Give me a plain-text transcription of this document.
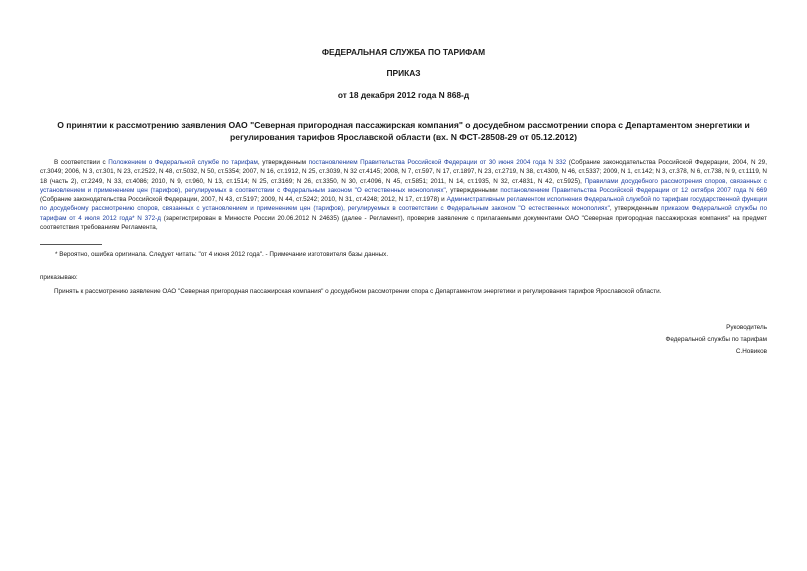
ФЕДЕРАЛЬНАЯ СЛУЖБА ПО ТАРИФАМ
ПРИКАЗ
от 18 декабря 2012 года N 868-д
О принятии к рассмотрению заявления ОАО "Северная пригородная пассажирская компания" о досудебном рассмотрении спора с Департаментом энергетики и регулирования тарифов Ярославской области (вх. N ФСТ-28508-29 от 05.12.2012)
В соответствии с Положением о Федеральной службе по тарифам, утвержденным постановлением Правительства Российской Федерации от 30 июня 2004 года N 332 (Собрание законодательства Российской Федерации, 2004, N 29, ст.3049; 2006, N 3, ст.301, N 23, ст.2522, N 48, ст.5032, N 50, ст.5354; 2007, N 16, ст.1912, N 25, ст.3039, N 32 ст.4145; 2008, N 7, ст.597, N 17, ст.1897, N 23, ст.2719, N 38, ст.4309, N 46, ст.5337; 2009, N 1, ст.142; N 3, ст.378, N 6, ст.738, N 9, ст.1119, N 18 (часть 2), ст.2249, N 33, ст.4086; 2010, N 9, ст.960, N 13, ст.1514; N 25, ст.3169; N 26, ст.3350, N 30, ст.4096, N 45, ст.5851; 2011, N 14, ст.1935, N 32, ст.4831, N 42, ст.5925), Правилами досудебного рассмотрения споров, связанных с установлением и применением цен (тарифов), регулируемых в соответствии с Федеральным законом "О естественных монополиях", утвержденными постановлением Правительства Российской Федерации от 12 октября 2007 года N 669 (Собрание законодательства Российской Федерации, 2007, N 43, ст.5197; 2009, N 44, ст.5242; 2010, N 31, ст.4248; 2012, N 17, ст.1978) и Административным регламентом исполнения Федеральной службой по тарифам государственной функции по досудебному рассмотрению споров, связанных с установлением и применением цен (тарифов), регулируемых в соответствии с Федеральным законом "О естественных монополиях", утвержденным приказом Федеральной службы по тарифам от 4 июля 2012 года* N 372-д (зарегистрирован в Минюсте России 20.06.2012 N 24635) (далее - Регламент), проверив заявление с прилагаемыми документами ОАО "Северная пригородная пассажирская компания" на предмет соответствия требованиям Регламента,
* Вероятно, ошибка оригинала. Следует читать: "от 4 июня 2012 года". - Примечание изготовителя базы данных.
приказываю:
Принять к рассмотрению заявление ОАО "Северная пригородная пассажирская компания" о досудебном рассмотрении спора с Департаментом энергетики и регулирования тарифов Ярославской области.
Руководитель
Федеральной службы по тарифам
С.Новиков
